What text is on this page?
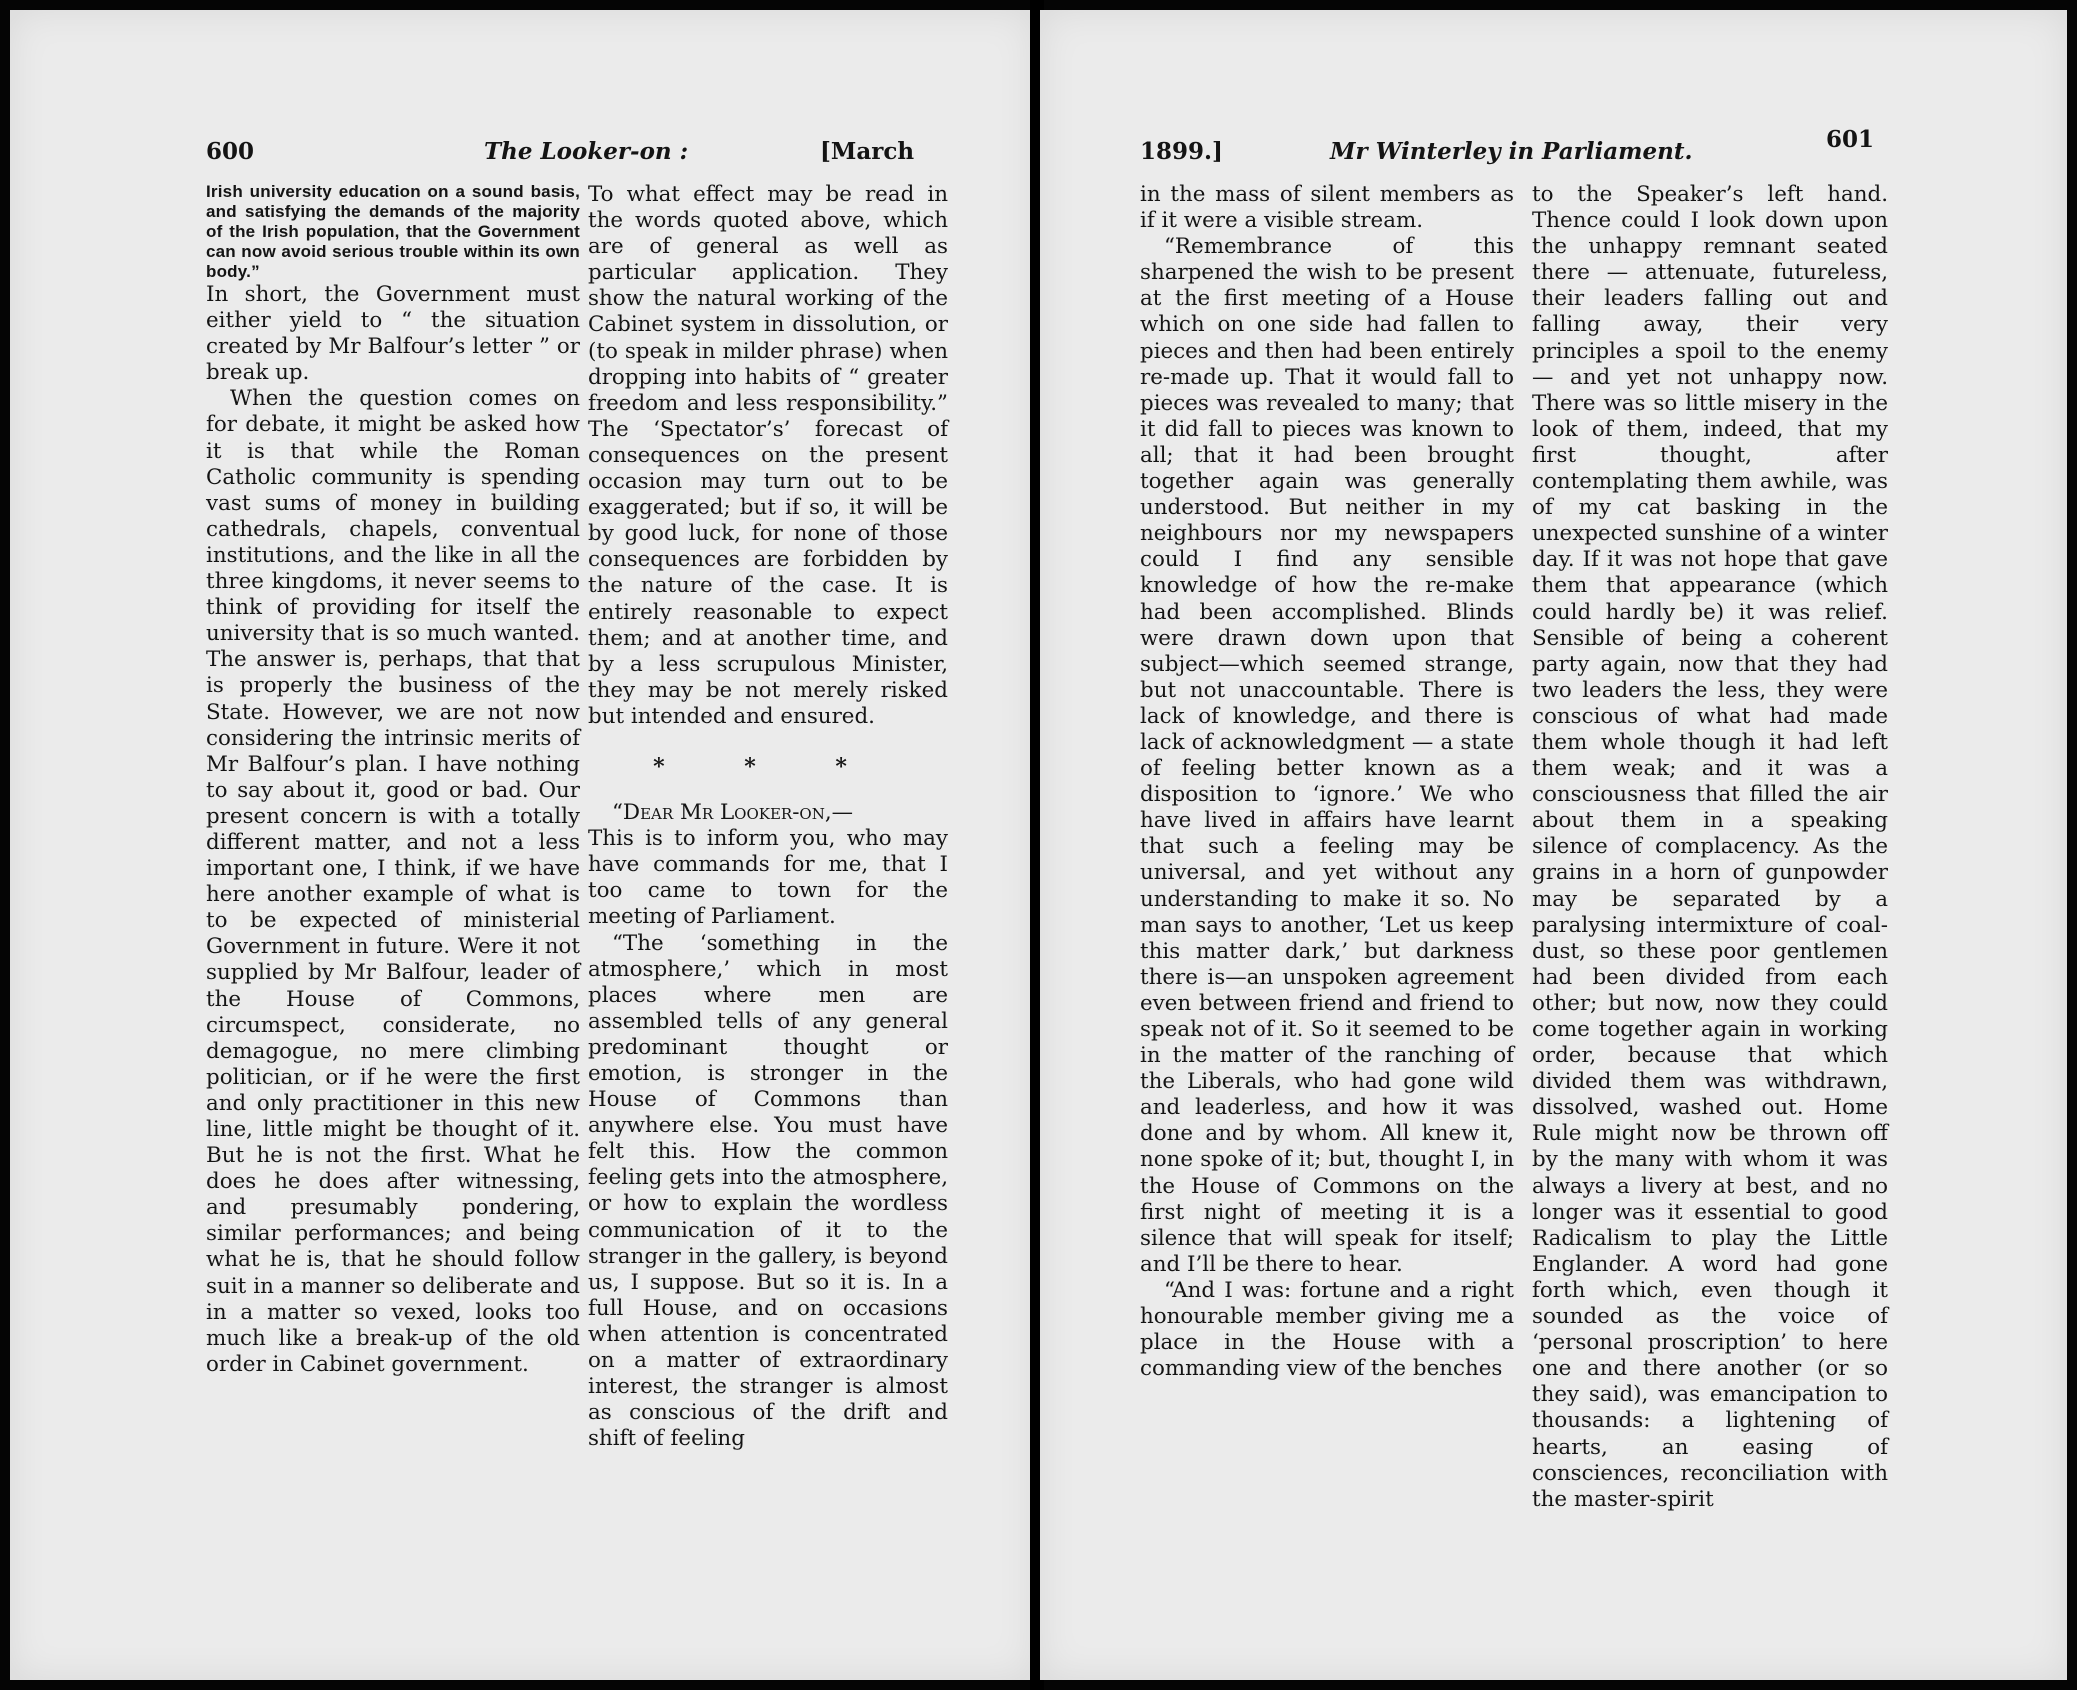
600	The Looker-on :	[March

Irish university education on a sound basis, and satisfying the demands of the majority of the Irish population, that the Government can now avoid serious trouble within its own body.”

In short, the Government must either yield to “ the situation created by Mr Balfour’s letter ” or break up.

When the question comes on for debate, it might be asked how it is that while the Roman Catholic community is spending vast sums of money in building cathedrals, chapels, conventual institutions, and the like in all the three kingdoms, it never seems to think of providing for itself the university that is so much wanted. The answer is, perhaps, that that is properly the business of the State. However, we are not now considering the intrinsic merits of Mr Balfour’s plan. I have nothing to say about it, good or bad. Our present concern is with a totally different matter, and not a less important one, I think, if we have here another example of what is to be expected of ministerial Government in future. Were it not supplied by Mr Balfour, leader of the House of Commons, circumspect, considerate, no demagogue, no mere climbing politician, or if he were the first and only practitioner in this new line, little might be thought of it. But he is not the first. What he does he does after witnessing, and presumably pondering, similar performances; and being what he is, that he should follow suit in a manner so deliberate and in a matter so vexed, looks too much like a break-up of the old order in Cabinet government.

To what effect may be read in the words quoted above, which are of general as well as particular application. They show the natural working of the Cabinet system in dissolution, or (to speak in milder phrase) when dropping into habits of “ greater freedom and less responsibility.” The ‘Spectator’s’ forecast of consequences on the present occasion may turn out to be exaggerated; but if so, it will be by good luck, for none of those consequences are forbidden by the nature of the case. It is entirely reasonable to expect them; and at another time, and by a less scrupulous Minister, they may be not merely risked but intended and ensured.

* * *

“Dear Mr Looker-on,—

This is to inform you, who may have commands for me, that I too came to town for the meeting of Parliament.

“The ‘something in the atmosphere,’ which in most places where men are assembled tells of any general predominant thought or emotion, is stronger in the House of Commons than anywhere else. You must have felt this. How the common feeling gets into the atmosphere, or how to explain the wordless communication of it to the stranger in the gallery, is beyond us, I suppose. But so it is. In a full House, and on occasions when attention is concentrated on a matter of extraordinary interest, the stranger is almost as conscious of the drift and shift of feeling

1899.]	Mr Winterley in Parliament.	601

in the mass of silent members as if it were a visible stream.

“Remembrance of this sharpened the wish to be present at the first meeting of a House which on one side had fallen to pieces and then had been entirely re-made up. That it would fall to pieces was revealed to many; that it did fall to pieces was known to all; that it had been brought together again was generally understood. But neither in my neighbours nor my newspapers could I find any sensible knowledge of how the re-make had been accomplished. Blinds were drawn down upon that subject—which seemed strange, but not unaccountable. There is lack of knowledge, and there is lack of acknowledgment — a state of feeling better known as a disposition to ‘ignore.’ We who have lived in affairs have learnt that such a feeling may be universal, and yet without any understanding to make it so. No man says to another, ‘Let us keep this matter dark,’ but darkness there is—an unspoken agreement even between friend and friend to speak not of it. So it seemed to be in the matter of the ranching of the Liberals, who had gone wild and leaderless, and how it was done and by whom. All knew it, none spoke of it; but, thought I, in the House of Commons on the first night of meeting it is a silence that will speak for itself; and I’ll be there to hear.

“And I was: fortune and a right honourable member giving me a place in the House with a commanding view of the benches

to the Speaker’s left hand. Thence could I look down upon the unhappy remnant seated there — attenuate, futureless, their leaders falling out and falling away, their very principles a spoil to the enemy — and yet not unhappy now. There was so little misery in the look of them, indeed, that my first thought, after contemplating them awhile, was of my cat basking in the unexpected sunshine of a winter day. If it was not hope that gave them that appearance (which could hardly be) it was relief. Sensible of being a coherent party again, now that they had two leaders the less, they were conscious of what had made them whole though it had left them weak; and it was a consciousness that filled the air about them in a speaking silence of complacency. As the grains in a horn of gunpowder may be separated by a paralysing intermixture of coal-dust, so these poor gentlemen had been divided from each other; but now, now they could come together again in working order, because that which divided them was withdrawn, dissolved, washed out. Home Rule might now be thrown off by the many with whom it was always a livery at best, and no longer was it essential to good Radicalism to play the Little Englander. A word had gone forth which, even though it sounded as the voice of ‘personal proscription’ to here one and there another (or so they said), was emancipation to thousands: a lightening of hearts, an easing of consciences, reconciliation with the master-spirit
